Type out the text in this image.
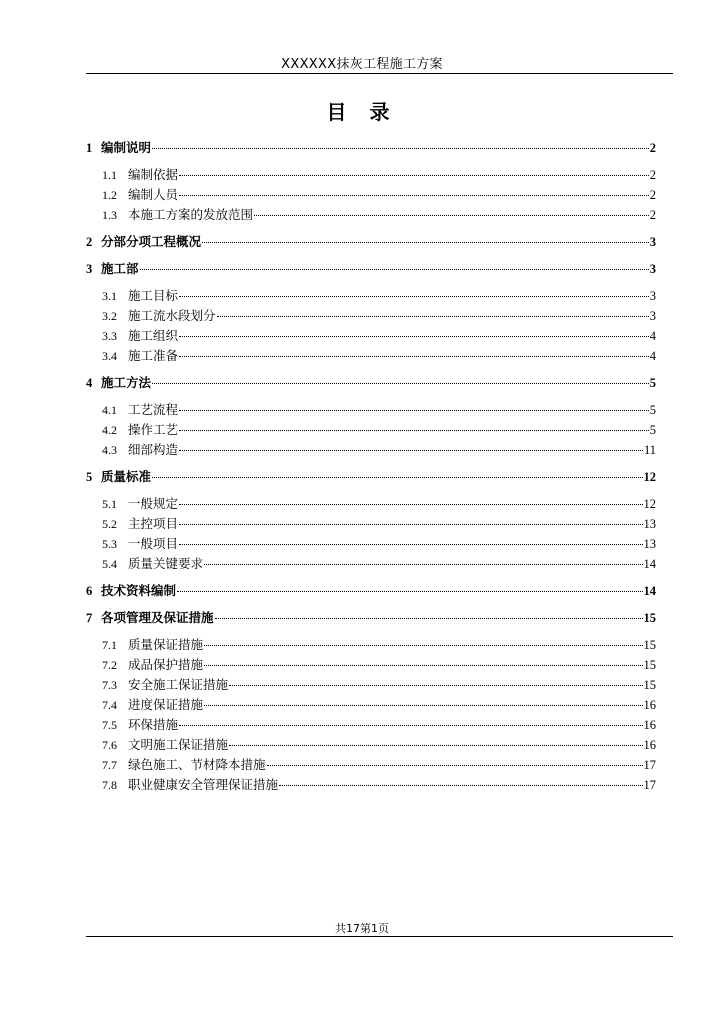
XXXXXX抹灰工程施工方案
目 录
1 编制说明	2
1.1 编制依据	2
1.2 编制人员	2
1.3 本施工方案的发放范围	2
2 分部分项工程概况	3
3 施工部	3
3.1 施工目标	3
3.2 施工流水段划分	3
3.3 施工组织	4
3.4 施工准备	4
4 施工方法	5
4.1 工艺流程	5
4.2 操作工艺	5
4.3 细部构造	11
5 质量标准	12
5.1 一般规定	12
5.2 主控项目	13
5.3 一般项目	13
5.4 质量关键要求	14
6 技术资料编制	14
7 各项管理及保证措施	15
7.1 质量保证措施	15
7.2 成品保护措施	15
7.3 安全施工保证措施	15
7.4 进度保证措施	16
7.5 环保措施	16
7.6 文明施工保证措施	16
7.7 绿色施工、节材降本措施	17
7.8 职业健康安全管理保证措施	17
共17第1页
